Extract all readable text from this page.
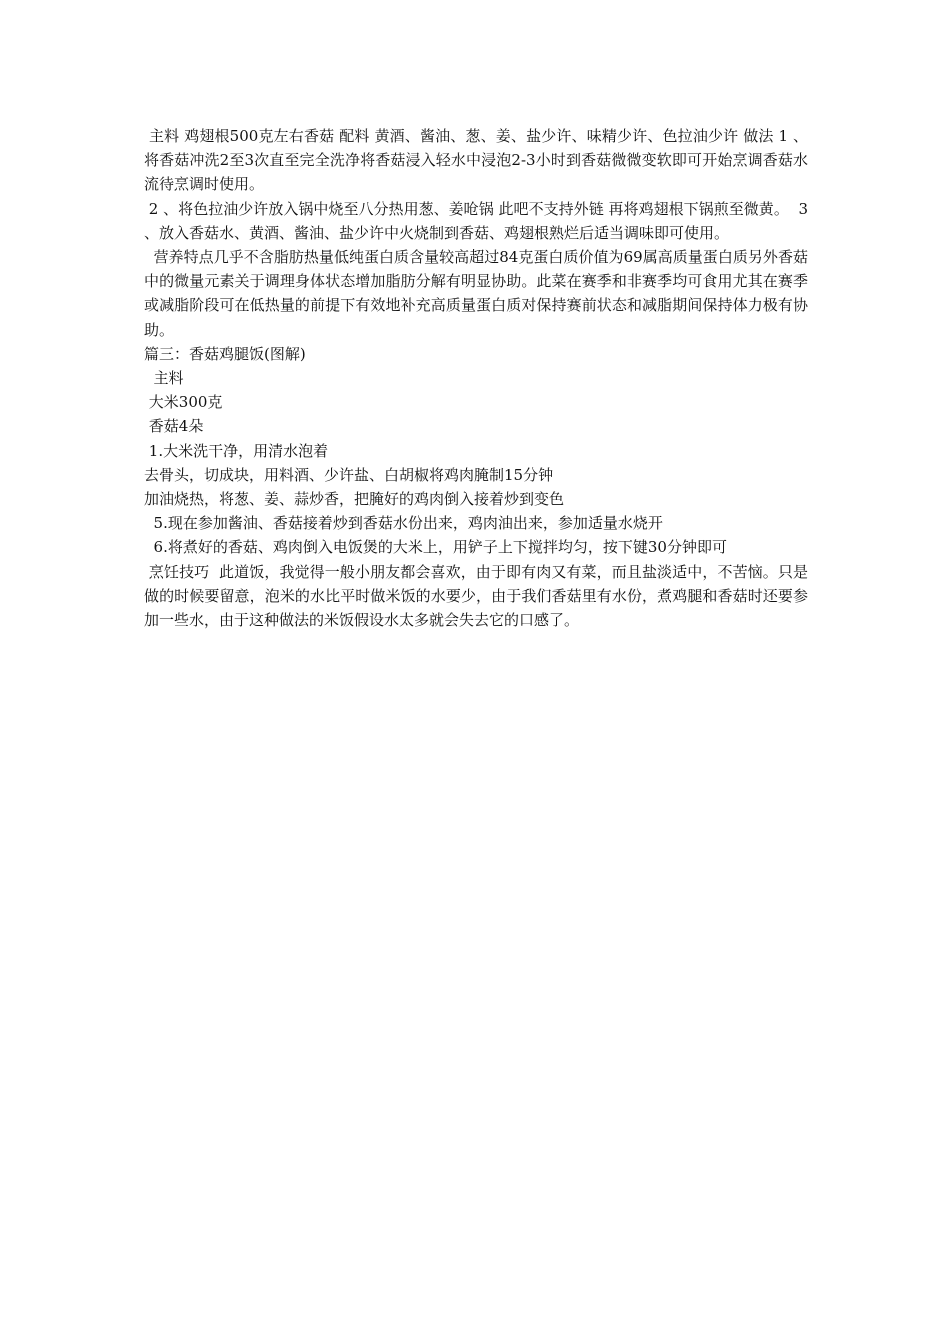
主料 鸡翅根500克左右香菇 配料 黄酒、酱油、葱、姜、盐少许、味精少许、色拉油少许 做法 1 、将香菇冲洗2至3次直至完全洗净将香菇浸入轻水中浸泡2-3小时到香菇微微变软即可开始烹调香菇水流待烹调时使用。

2 、将色拉油少许放入锅中烧至八分热用葱、姜呛锅 此吧不支持外链 再将鸡翅根下锅煎至微黄。  3 、放入香菇水、黄酒、酱油、盐少许中火烧制到香菇、鸡翅根熟烂后适当调味即可使用。

营养特点几乎不含脂肪热量低纯蛋白质含量较高超过84克蛋白质价值为69属高质量蛋白质另外香菇中的微量元素关于调理身体状态增加脂肪分解有明显协助。此菜在赛季和非赛季均可食用尤其在赛季或减脂阶段可在低热量的前提下有效地补充高质量蛋白质对保持赛前状态和减脂期间保持体力极有协助。

篇三：香菇鸡腿饭(图解)

主料

大米300克

香菇4朵

1.大米洗干净，用清水泡着

去骨头，切成块，用料酒、少许盐、白胡椒将鸡肉腌制15分钟

加油烧热，将葱、姜、蒜炒香，把腌好的鸡肉倒入接着炒到变色

5.现在参加酱油、香菇接着炒到香菇水份出来，鸡肉油出来，参加适量水烧开

6.将煮好的香菇、鸡肉倒入电饭煲的大米上，用铲子上下搅拌均匀，按下键30分钟即可

烹饪技巧  此道饭，我觉得一般小朋友都会喜欢，由于即有肉又有菜，而且盐淡适中，不苦恼。只是做的时候要留意，泡米的水比平时做米饭的水要少，由于我们香菇里有水份，煮鸡腿和香菇时还要参加一些水，由于这种做法的米饭假设水太多就会失去它的口感了。
